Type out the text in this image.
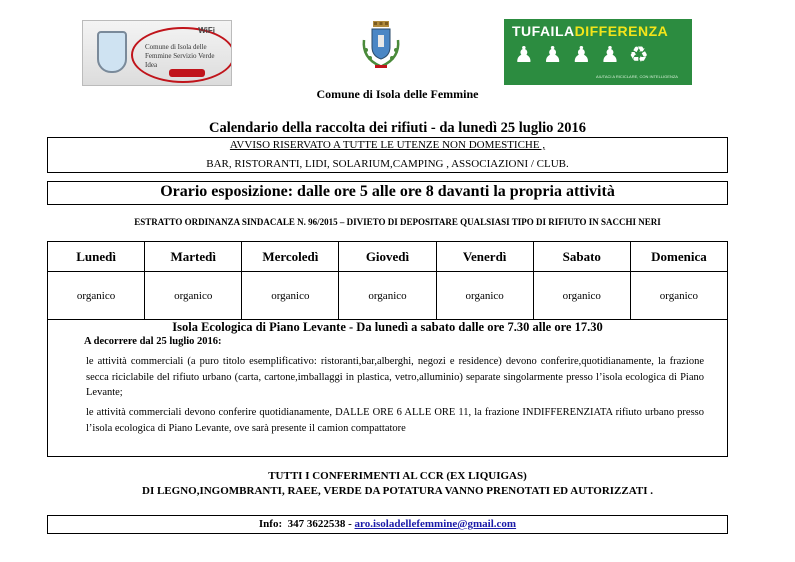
WiFi
Comune di Isola delle Femmine Servizio Verde Idea
TUFAILADIFFERENZA
♟♟♟♟♻
AIUTACI A RICICLARE, CON INTELLIGENZA
Comune di Isola delle Femmine
Calendario della raccolta dei rifiuti - da lunedì 25 luglio 2016
AVVISO RISERVATO A TUTTE LE UTENZE NON DOMESTICHE ,
BAR, RISTORANTI, LIDI, SOLARIUM,CAMPING , ASSOCIAZIONI / CLUB.
Orario esposizione: dalle ore 5 alle ore 8 davanti la propria attività
ESTRATTO ORDINANZA SINDACALE N. 96/2015 – DIVIETO DI DEPOSITARE QUALSIASI TIPO DI RIFIUTO IN SACCHI NERI
Lunedì	Martedì	Mercoledì	Giovedì	Venerdì	Sabato	Domenica
organico	organico	organico	organico	organico	organico	organico
Isola Ecologica di Piano Levante - Da lunedì a sabato dalle ore 7.30 alle ore 17.30
A decorrere dal 25 luglio 2016:
le attività commerciali (a puro titolo esemplificativo: ristoranti,bar,alberghi, negozi e residence) devono conferire,quotidianamente, la frazione secca riciclabile del rifiuto urbano (carta, cartone,imballaggi in plastica, vetro,alluminio) separate singolarmente presso l’isola ecologica di Piano Levante;
le attività commerciali devono conferire quotidianamente, DALLE ORE 6 ALLE ORE 11, la frazione INDIFFERENZIATA rifiuto urbano presso l’isola ecologica di Piano Levante, ove sarà presente il camion compattatore
TUTTI I CONFERIMENTI AL CCR (EX LIQUIGAS)
DI LEGNO,INGOMBRANTI, RAEE, VERDE DA POTATURA VANNO PRENOTATI ED AUTORIZZATI .
Info:  347 3622538 - aro.isoladellefemmine@gmail.com
